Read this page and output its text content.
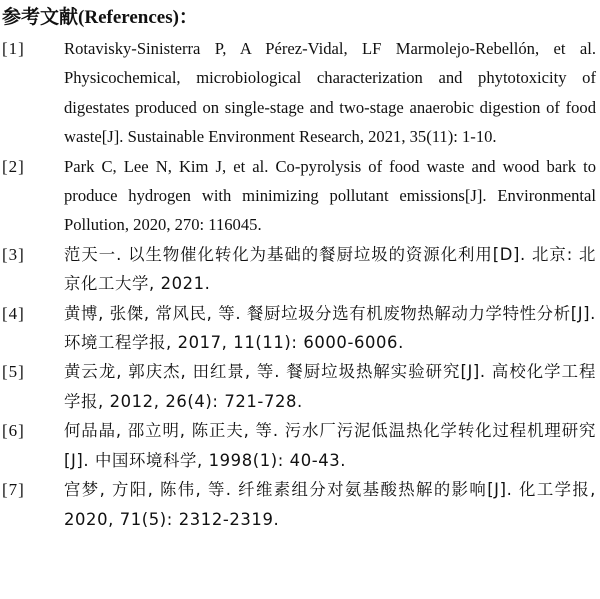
参考文献(References)：
[1]	Rotavisky-Sinisterra P, A Pérez-Vidal, LF Marmolejo-Rebellón, et al. Physicochemical, microbiological characterization and phytotoxicity of digestates produced on single-stage and two-stage anaerobic digestion of food waste[J]. Sustainable Environment Research, 2021, 35(11): 1-10.
[2]	Park C, Lee N, Kim J, et al. Co-pyrolysis of food waste and wood bark to produce hydrogen with minimizing pollutant emissions[J]. Environmental Pollution, 2020, 270: 116045.
[3]	范天一. 以生物催化转化为基础的餐厨垃圾的资源化利用[D]. 北京: 北京化工大学, 2021.
[4]	黄博, 张傑, 常风民, 等. 餐厨垃圾分选有机废物热解动力学特性分析[J]. 环境工程学报, 2017, 11(11): 6000-6006.
[5]	黄云龙, 郭庆杰, 田红景, 等. 餐厨垃圾热解实验研究[J]. 高校化学工程学报, 2012, 26(4): 721-728.
[6]	何品晶, 邵立明, 陈正夫, 等. 污水厂污泥低温热化学转化过程机理研究[J]. 中国环境科学, 1998(1): 40-43.
[7]	宫梦, 方阳, 陈伟, 等. 纤维素组分对氨基酸热解的影响[J]. 化工学报, 2020, 71(5): 2312-2319.
